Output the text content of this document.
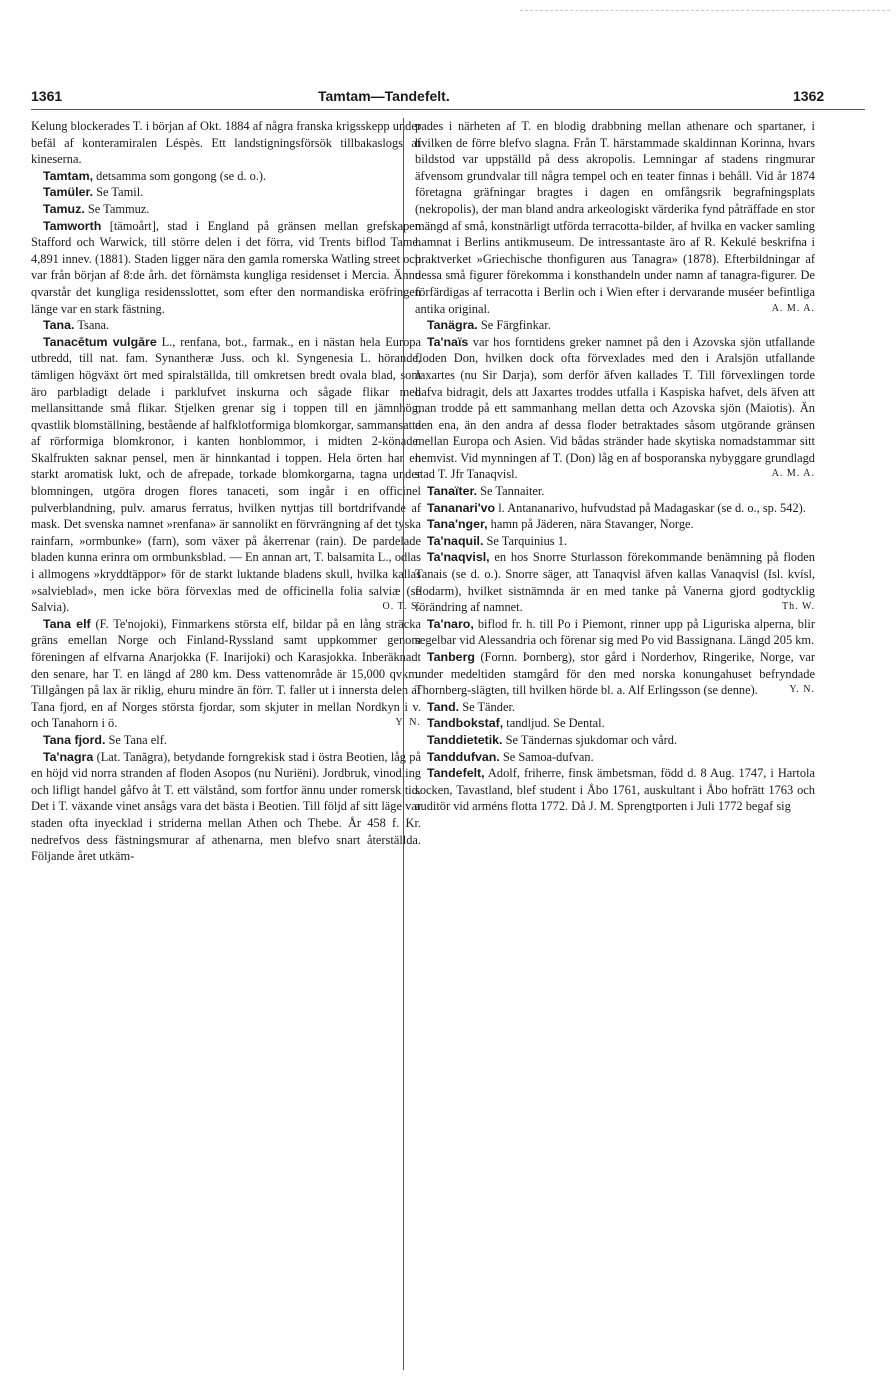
1361	Tamtam—Tandefelt.	1362

Kelung blockerades T. i början af Okt. 1884 af några franska krigsskepp under befäl af konteramiralen Léspès. Ett landstigningsförsök tillbakaslogs af kineserna.

Tamtam, detsamma som gongong (se d. o.).

Tamüler. Se Tamil.

Tamuz. Se Tammuz.

Tamworth [tämoårt], stad i England på gränsen mellan grefskapen Stafford och Warwick, till större delen i det förra, vid Trents biflod Tame. 4,891 innev. (1881). Staden ligger nära den gamla romerska Watling street och var från början af 8:de årh. det förnämsta kungliga residenset i Mercia. Ännu qvarstår det kungliga residensslottet, som efter den normandiska eröfringen länge var en stark fästning.

Tana. Tsana.

Tanacētum vulgāre L., renfana, bot., farmak., en i nästan hela Europa utbredd, till nat. fam. Synantheræ Juss. och kl. Syngenesia L. hörande, tämligen högväxt ört med spiralställda, till omkretsen bredt ovala blad, som äro parbladigt delade i parklufvet inskurna och sågade flikar med mellansittande små flikar. Stjelken grenar sig i toppen till en jämnhög, qvastlik blomställning, bestående af halfklotformiga blomkorgar, sammansatta af rörformiga blomkronor, i kanten honblommor, i midten 2-könade. Skalfrukten saknar pensel, men är hinnkantad i toppen. Hela örten har en starkt aromatisk lukt, och de afrepade, torkade blomkorgarna, tagna under blomningen, utgöra drogen flores tanaceti, som ingår i en officinel pulverblandning, pulv. amarus ferratus, hvilken nyttjas till bortdrifvande af mask. Det svenska namnet »renfana» är sannolikt en förvrängning af det tyska rainfarn, »ormbunke» (farn), som växer på åkerrenar (rain). De pardelade bladen kunna erinra om ormbunksblad. — En annan art, T. balsamita L., odlas i allmogens »kryddtäppor» för de starkt luktande bladens skull, hvilka kallas »salvieblad», men icke böra förvexlas med de officinella folia salviæ (se Salvia).	O. T. S.

Tana elf (F. Te'nojoki), Finmarkens största elf, bildar på en lång sträcka gräns emellan Norge och Finland-Ryssland samt uppkommer genom föreningen af elfvarna Anarjokka (F. Inarijoki) och Karasjokka. Inberäknadt den senare, har T. en längd af 280 km. Dess vattenområde är 15,000 qvkm. Tillgången på lax är riklig, ehuru mindre än förr. T. faller ut i innersta delen af Tana fjord, en af Norges största fjordar, som skjuter in mellan Nordkyn i v. och Tanahorn i ö.	Y. N.

Tana fjord. Se Tana elf.

Ta'nagra (Lat. Tanăgra), betydande forngrekisk stad i östra Beotien, låg på en höjd vid norra stranden af floden Asopos (nu Nuriëni). Jordbruk, vinodling och lifligt handel gåfvo åt T. ett välstånd, som fortfor ännu under romersk tid. Det i T. växande vinet ansågs vara det bästa i Beotien. Till följd af sitt läge var staden ofta inyecklad i striderna mellan Athen och Thebe. År 458 f. Kr. nedrefvos dess fästningsmurar af athenarna, men blefvo snart återställda. Följande året utkäm-

pades i närheten af T. en blodig drabbning mellan athenare och spartaner, i hvilken de förre blefvo slagna. Från T. härstammade skaldinnan Korinna, hvars bildstod var uppställd på dess akropolis. Lemningar af stadens ringmurar äfvensom grundvalar till några tempel och en teater finnas i behåll. Vid år 1874 företagna gräfningar bragtes i dagen en omfångsrik begrafningsplats (nekropolis), der man bland andra arkeologiskt värderika fynd påträffade en stor mängd af små, konstnärligt utförda terracotta-bilder, af hvilka en vacker samling hamnat i Berlins antikmuseum. De intressantaste äro af R. Kekulé beskrifna i praktverket »Griechische thonfiguren aus Tanagra» (1878). Efterbildningar af dessa små figurer förekomma i konsthandeln under namn af tanagra-figurer. De förfärdigas af terracotta i Berlin och i Wien efter i dervarande muséer befintliga antika original.	A. M. A.

Tanägra. Se Färgfinkar.

Ta'naïs var hos forntidens greker namnet på den i Azovska sjön utfallande floden Don, hvilken dock ofta förvexlades med den i Aralsjön utfallande Jaxartes (nu Sir Darja), som derför äfven kallades T. Till förvexlingen torde hafva bidragit, dels att Jaxartes troddes utfalla i Kaspiska hafvet, dels äfven att man trodde på ett sammanhang mellan detta och Azovska sjön (Maiotis). Än den ena, än den andra af dessa floder betraktades såsom utgörande gränsen mellan Europa och Asien. Vid bådas stränder hade skytiska nomadstammar sitt hemvist. Vid mynningen af T. (Don) låg en af bosporanska nybyggare grundlagd stad T. Jfr Tanaqvisl.	A. M. A.

Tanaïter. Se Tannaiter.

Tananari'vo l. Antananarivo, hufvudstad på Madagaskar (se d. o., sp. 542).

Tana'nger, hamn på Jäderen, nära Stavanger, Norge.

Ta'naquil. Se Tarquinius 1.

Ta'naqvisl, en hos Snorre Sturlasson förekommande benämning på floden Tanais (se d. o.). Snorre säger, att Tanaqvisl äfven kallas Vanaqvisl (Isl. kvísl, flodarm), hvilket sistnämnda är en med tanke på Vanerna gjord godtycklig förändring af namnet.	Th. W.

Ta'naro, biflod fr. h. till Po i Piemont, rinner upp på Liguriska alperna, blir segelbar vid Alessandria och förenar sig med Po vid Bassignana. Längd 205 km.

Tanberg (Fornn. Þornberg), stor gård i Norderhov, Ringerike, Norge, var under medeltiden stamgård för den med norska konungahuset befryndade Thornberg-slägten, till hvilken hörde bl. a. Alf Erlingsson (se denne).	Y. N.

Tand. Se Tänder.

Tandbokstaf, tandljud. Se Dental.

Tanddietetik. Se Tändernas sjukdomar och vård.

Tanddufvan. Se Samoa-dufvan.

Tandefelt, Adolf, friherre, finsk ämbetsman, född d. 8 Aug. 1747, i Hartola socken, Tavastland, blef student i Åbo 1761, auskultant i Åbo hofrätt 1763 och auditör vid arméns flotta 1772. Då J. M. Sprengtporten i Juli 1772 begaf sig
